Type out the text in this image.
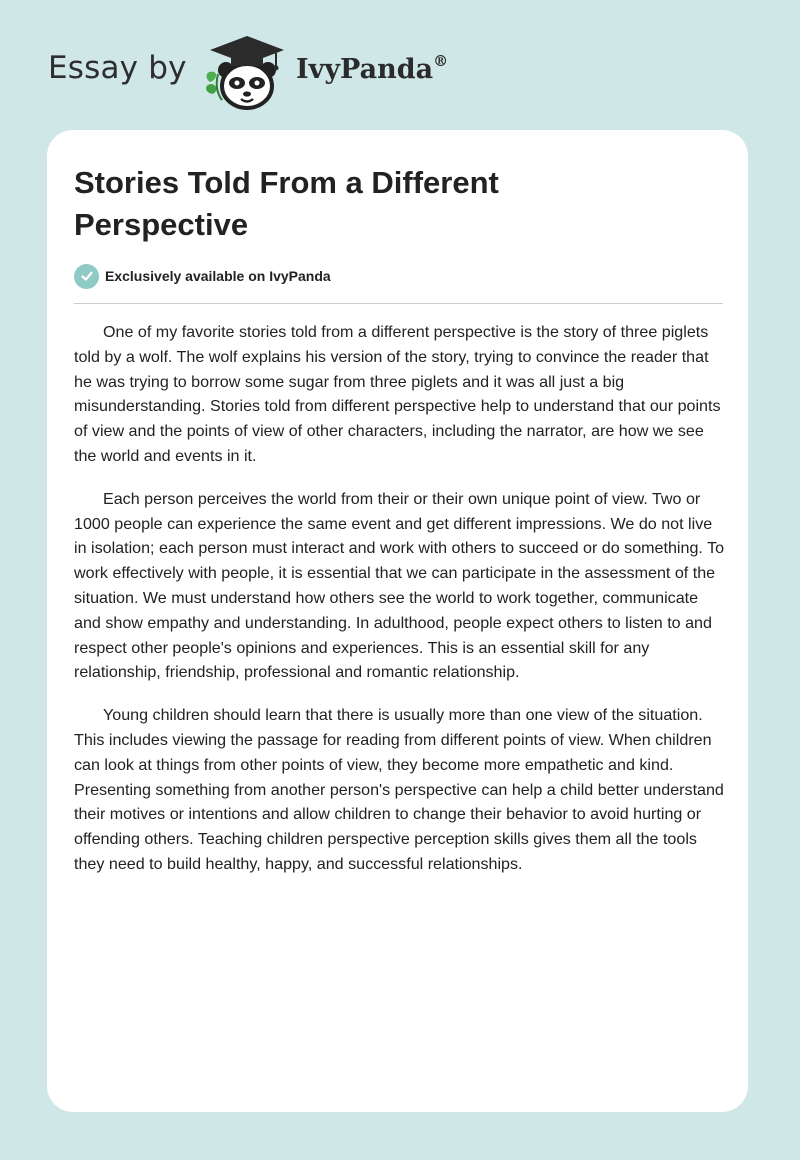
Essay by	IvyPanda®
Stories Told From a Different Perspective
Exclusively available on IvyPanda

One of my favorite stories told from a different perspective is the story of three piglets told by a wolf. The wolf explains his version of the story, trying to convince the reader that he was trying to borrow some sugar from three piglets and it was all just a big misunderstanding. Stories told from different perspective help to understand that our points of view and the points of view of other characters, including the narrator, are how we see the world and events in it.

Each person perceives the world from their or their own unique point of view. Two or 1000 people can experience the same event and get different impressions. We do not live in isolation; each person must interact and work with others to succeed or do something. To work effectively with people, it is essential that we can participate in the assessment of the situation. We must understand how others see the world to work together, communicate and show empathy and understanding. In adulthood, people expect others to listen to and respect other people's opinions and experiences. This is an essential skill for any relationship, friendship, professional and romantic relationship.

Young children should learn that there is usually more than one view of the situation. This includes viewing the passage for reading from different points of view. When children can look at things from other points of view, they become more empathetic and kind. Presenting something from another person's perspective can help a child better understand their motives or intentions and allow children to change their behavior to avoid hurting or offending others. Teaching children perspective perception skills gives them all the tools they need to build healthy, happy, and successful relationships.
